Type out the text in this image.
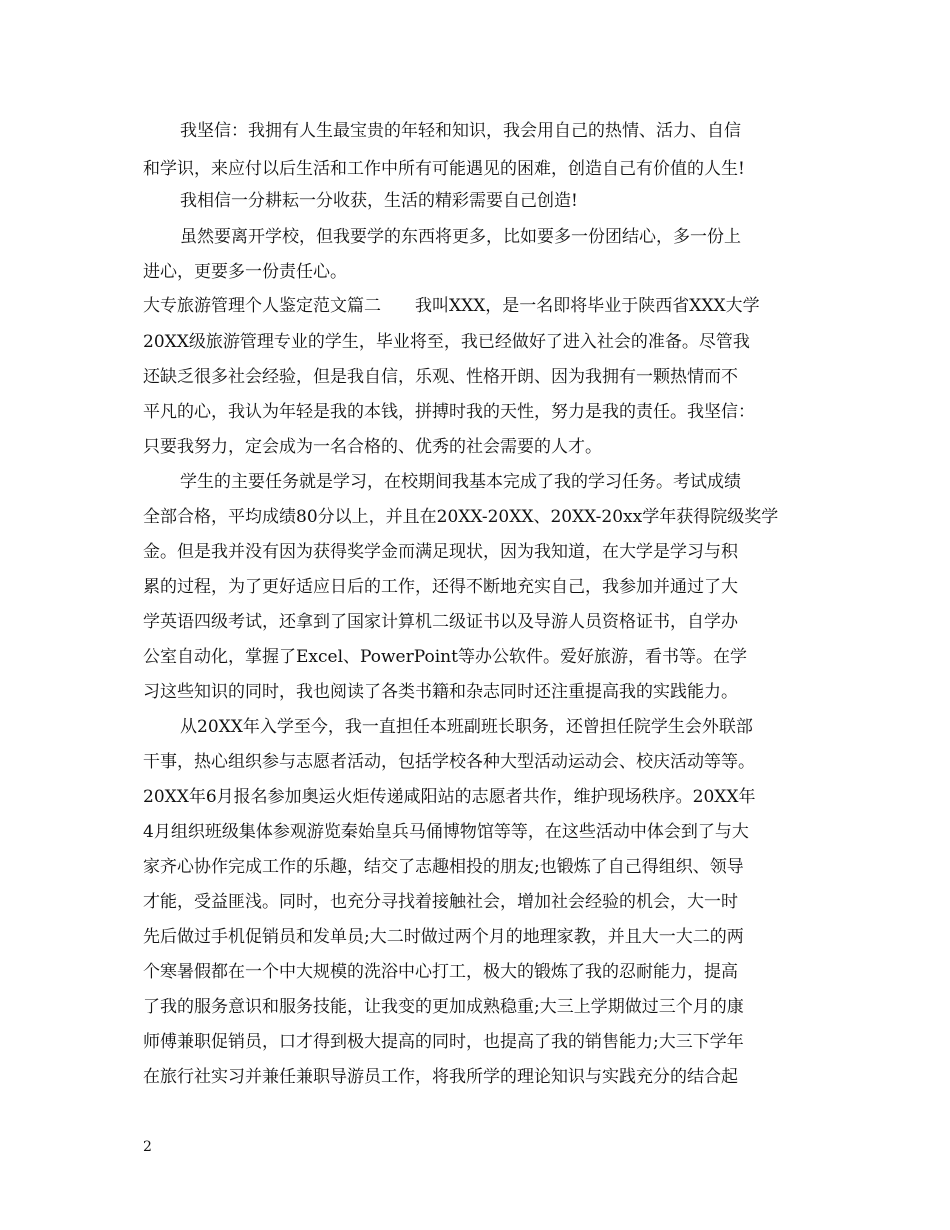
我坚信：我拥有人生最宝贵的年轻和知识，我会用自己的热情、活力、自信
和学识，来应付以后生活和工作中所有可能遇见的困难，创造自己有价值的人生!
我相信一分耕耘一分收获，生活的精彩需要自己创造!
虽然要离开学校，但我要学的东西将更多，比如要多一份团结心，多一份上
进心，更要多一份责任心。
大专旅游管理个人鉴定范文篇二　　我叫XXX，是一名即将毕业于陕西省XXX大学
20XX级旅游管理专业的学生，毕业将至，我已经做好了进入社会的准备。尽管我
还缺乏很多社会经验，但是我自信，乐观、性格开朗、因为我拥有一颗热情而不
平凡的心，我认为年轻是我的本钱，拼搏时我的天性，努力是我的责任。我坚信：
只要我努力，定会成为一名合格的、优秀的社会需要的人才。
学生的主要任务就是学习，在校期间我基本完成了我的学习任务。考试成绩
全部合格，平均成绩80分以上，并且在20XX-20XX、20XX-20xx学年获得院级奖学
金。但是我并没有因为获得奖学金而满足现状，因为我知道，在大学是学习与积
累的过程，为了更好适应日后的工作，还得不断地充实自己，我参加并通过了大
学英语四级考试，还拿到了国家计算机二级证书以及导游人员资格证书，自学办
公室自动化，掌握了Excel、PowerPoint等办公软件。爱好旅游，看书等。在学
习这些知识的同时，我也阅读了各类书籍和杂志同时还注重提高我的实践能力。
从20XX年入学至今，我一直担任本班副班长职务，还曾担任院学生会外联部
干事，热心组织参与志愿者活动，包括学校各种大型活动运动会、校庆活动等等。
20XX年6月报名参加奥运火炬传递咸阳站的志愿者共作，维护现场秩序。20XX年
4月组织班级集体参观游览秦始皇兵马俑博物馆等等，在这些活动中体会到了与大
家齐心协作完成工作的乐趣，结交了志趣相投的朋友;也锻炼了自己得组织、领导
才能，受益匪浅。同时，也充分寻找着接触社会，增加社会经验的机会，大一时
先后做过手机促销员和发单员;大二时做过两个月的地理家教，并且大一大二的两
个寒暑假都在一个中大规模的洗浴中心打工，极大的锻炼了我的忍耐能力，提高
了我的服务意识和服务技能，让我变的更加成熟稳重;大三上学期做过三个月的康
师傅兼职促销员，口才得到极大提高的同时，也提高了我的销售能力;大三下学年
在旅行社实习并兼任兼职导游员工作，将我所学的理论知识与实践充分的结合起
2
